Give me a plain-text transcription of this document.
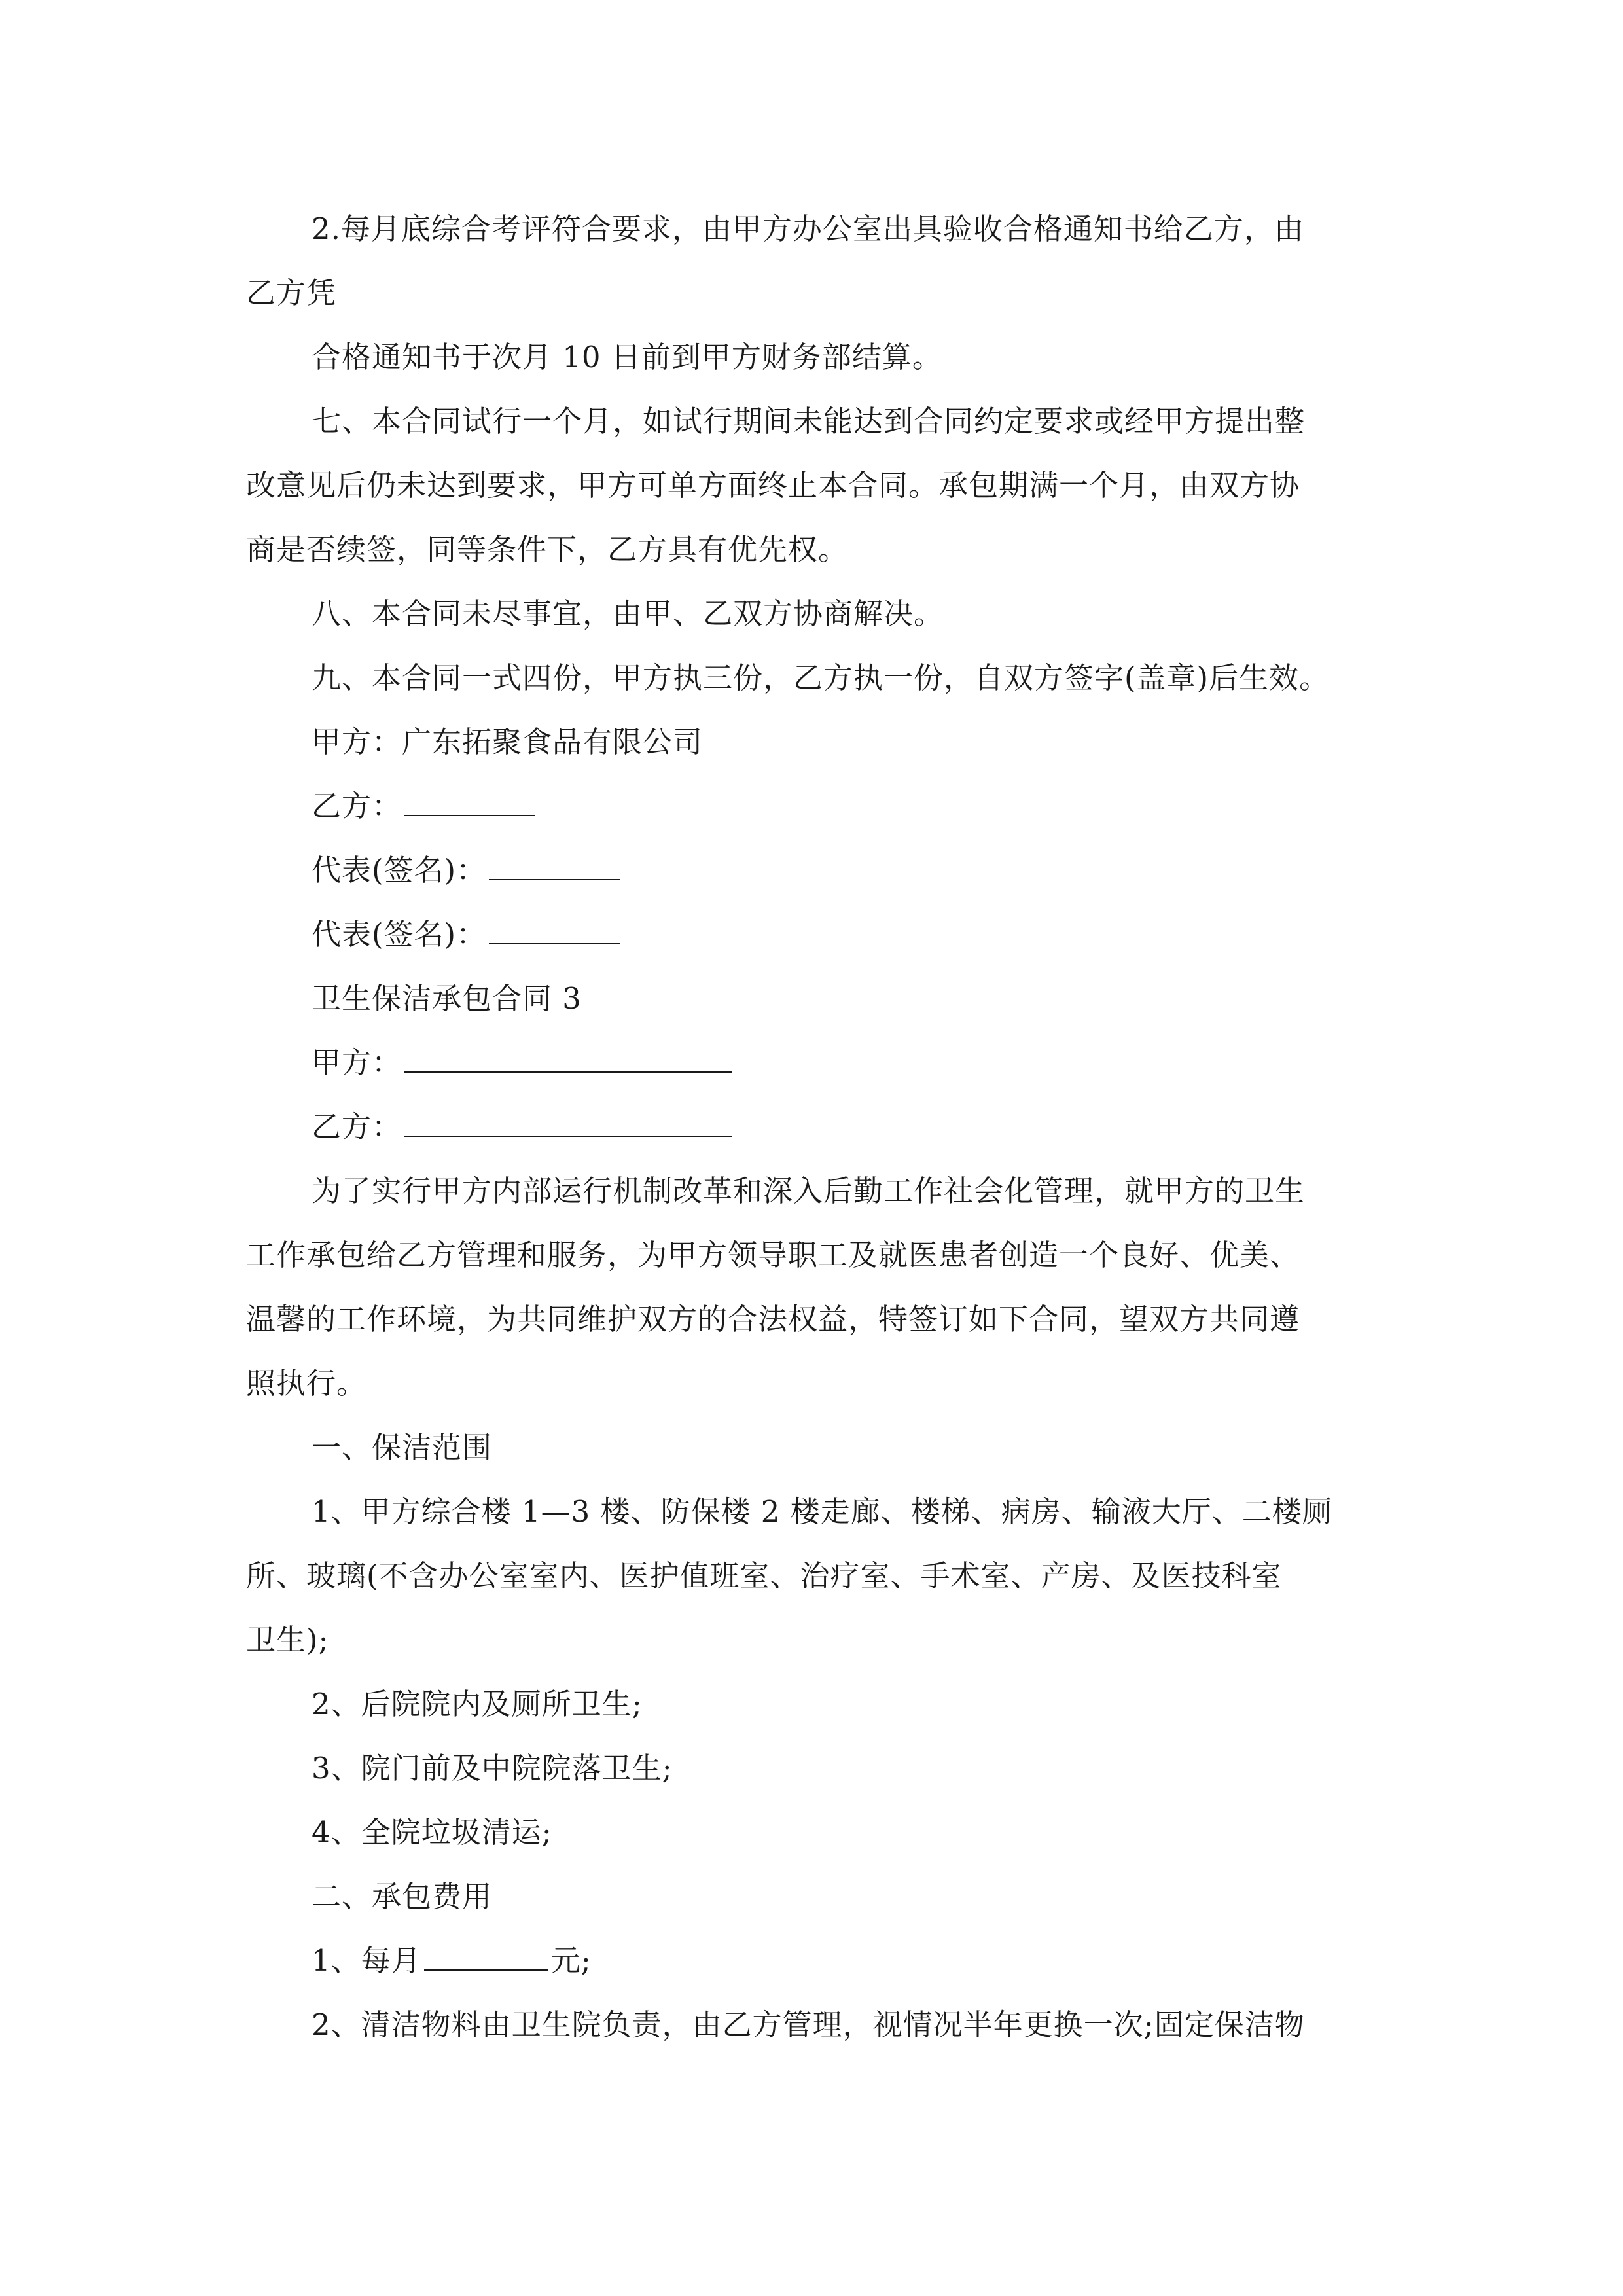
2.每月底综合考评符合要求，由甲方办公室出具验收合格通知书给乙方，由
乙方凭
合格通知书于次月 10 日前到甲方财务部结算。
七、本合同试行一个月，如试行期间未能达到合同约定要求或经甲方提出整
改意见后仍未达到要求，甲方可单方面终止本合同。承包期满一个月，由双方协
商是否续签，同等条件下，乙方具有优先权。
八、本合同未尽事宜，由甲、乙双方协商解决。
九、本合同一式四份，甲方执三份，乙方执一份，自双方签字(盖章)后生效。
甲方：广东拓聚食品有限公司
乙方：
代表(签名)：
代表(签名)：
卫生保洁承包合同 3
甲方：
乙方：
为了实行甲方内部运行机制改革和深入后勤工作社会化管理，就甲方的卫生
工作承包给乙方管理和服务，为甲方领导职工及就医患者创造一个良好、优美、
温馨的工作环境，为共同维护双方的合法权益，特签订如下合同，望双方共同遵
照执行。
一、保洁范围
1、甲方综合楼 1—3 楼、防保楼 2 楼走廊、楼梯、病房、输液大厅、二楼厕
所、玻璃(不含办公室室内、医护值班室、治疗室、手术室、产房、及医技科室
卫生);
2、后院院内及厕所卫生;
3、院门前及中院院落卫生;
4、全院垃圾清运;
二、承包费用
1、每月	元;
2、清洁物料由卫生院负责，由乙方管理，视情况半年更换一次;固定保洁物
